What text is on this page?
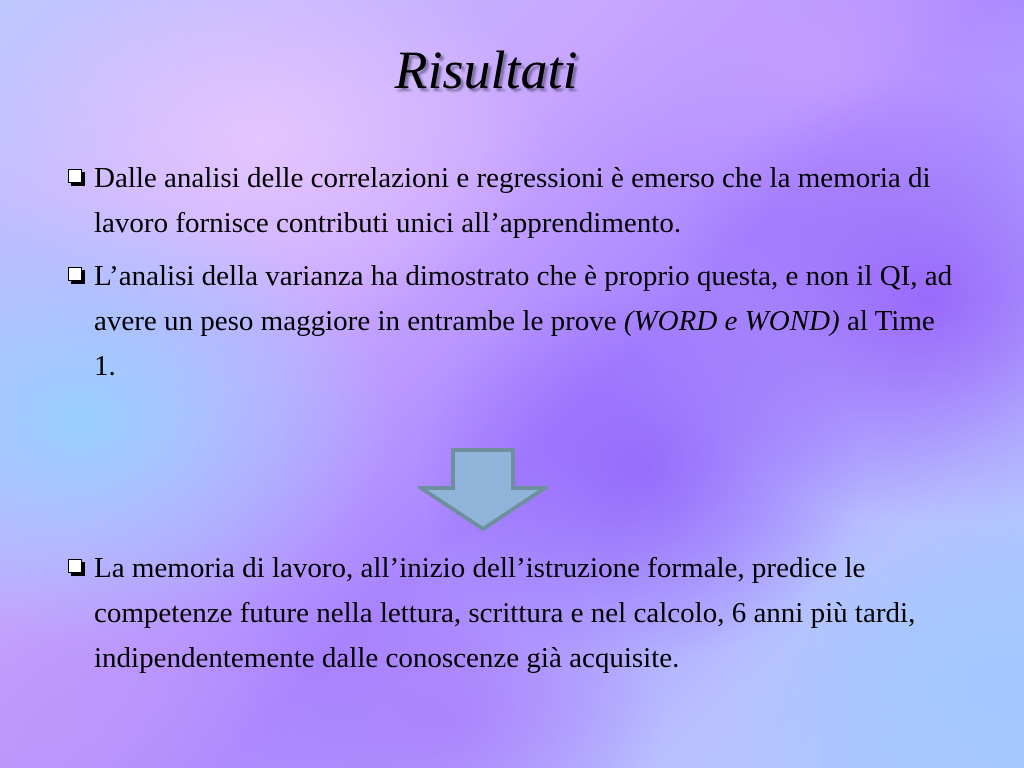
Risultati
Dalle analisi delle correlazioni e regressioni è emerso che la memoria di lavoro fornisce contributi unici all’apprendimento.
L’analisi della varianza ha dimostrato che è proprio questa, e non il QI, ad avere un peso maggiore in entrambe le prove (WORD e WOND) al Time 1.
La memoria di lavoro, all’inizio dell’istruzione formale, predice le competenze future nella lettura, scrittura e nel calcolo, 6 anni più tardi, indipendentemente dalle conoscenze già acquisite.
